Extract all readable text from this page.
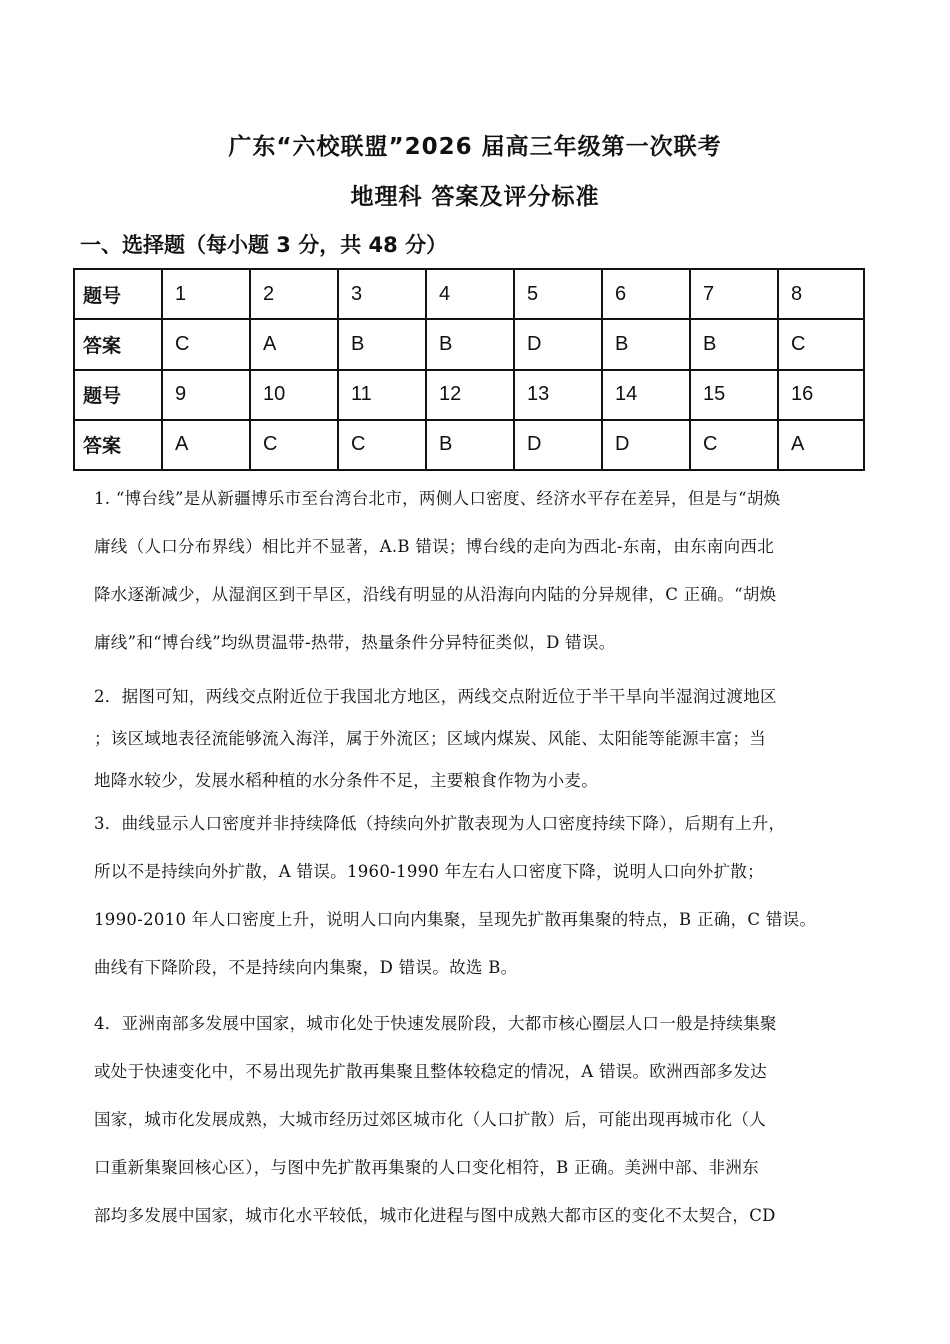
广东“六校联盟”2026 届高三年级第一次联考
地理科 答案及评分标准
一、选择题（每小题 3 分，共 48 分）
题号	1	2	3	4	5	6	7	8
答案	C	A	B	B	D	B	B	C
题号	9	10	11	12	13	14	15	16
答案	A	C	C	B	D	D	C	A
1. “博台线”是从新疆博乐市至台湾台北市，两侧人口密度、经济水平存在差异，但是与“胡焕
庸线（人口分布界线）相比并不显著，A.B 错误；博台线的走向为西北-东南，由东南向西北
降水逐渐减少，从湿润区到干旱区，沿线有明显的从沿海向内陆的分异规律，C 正确。“胡焕
庸线”和“博台线”均纵贯温带-热带，热量条件分异特征类似，D 错误。
2．据图可知，两线交点附近位于我国北方地区，两线交点附近位于半干旱向半湿润过渡地区
；该区域地表径流能够流入海洋，属于外流区；区域内煤炭、风能、太阳能等能源丰富；当
地降水较少，发展水稻种植的水分条件不足，主要粮食作物为小麦。
3．曲线显示人口密度并非持续降低（持续向外扩散表现为人口密度持续下降），后期有上升，
所以不是持续向外扩散，A 错误。1960-1990 年左右人口密度下降，说明人口向外扩散；
1990-2010 年人口密度上升，说明人口向内集聚，呈现先扩散再集聚的特点，B 正确，C 错误。
曲线有下降阶段，不是持续向内集聚，D 错误。故选 B。
4．亚洲南部多发展中国家，城市化处于快速发展阶段，大都市核心圈层人口一般是持续集聚
或处于快速变化中，不易出现先扩散再集聚且整体较稳定的情况，A 错误。欧洲西部多发达
国家，城市化发展成熟，大城市经历过郊区城市化（人口扩散）后，可能出现再城市化（人
口重新集聚回核心区），与图中先扩散再集聚的人口变化相符，B 正确。美洲中部、非洲东
部均多发展中国家，城市化水平较低，城市化进程与图中成熟大都市区的变化不太契合，CD
